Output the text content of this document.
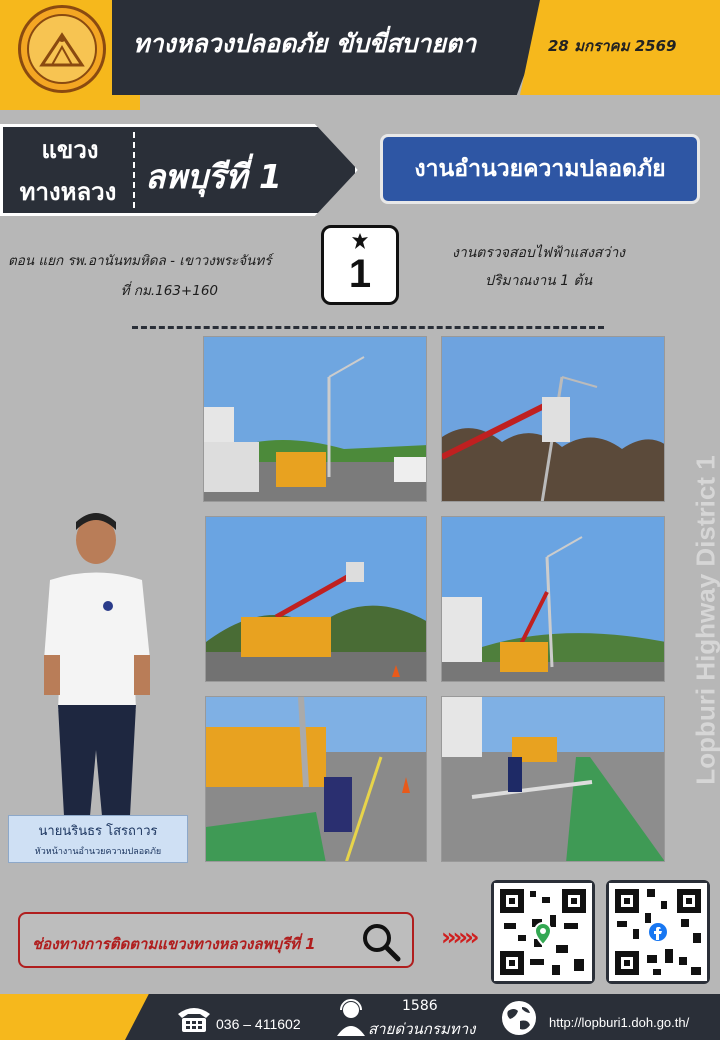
ทางหลวงปลอดภัย ขับขี่สบายตา	28 มกราคม 2569
แขวง
ทางหลวง ลพบุรีที่ 1	งานอำนวยความปลอดภัย
ตอน แยก รพ.อานันทมหิดล - เขาวงพระจันทร์
ที่ กม.163+160	1	งานตรวจสอบไฟฟ้าแสงสว่าง
ปริมาณงาน 1 ต้น
Lopburi Highway District 1
นายนรินธร โสรถาวร
หัวหน้างานอำนวยความปลอดภัย
ช่องทางการติดตามแขวงทางหลวงลพบุรีที่ 1	»»»
036 – 411602
1586
สายด่วนกรมทาง	http://lopburi1.doh.go.th/
